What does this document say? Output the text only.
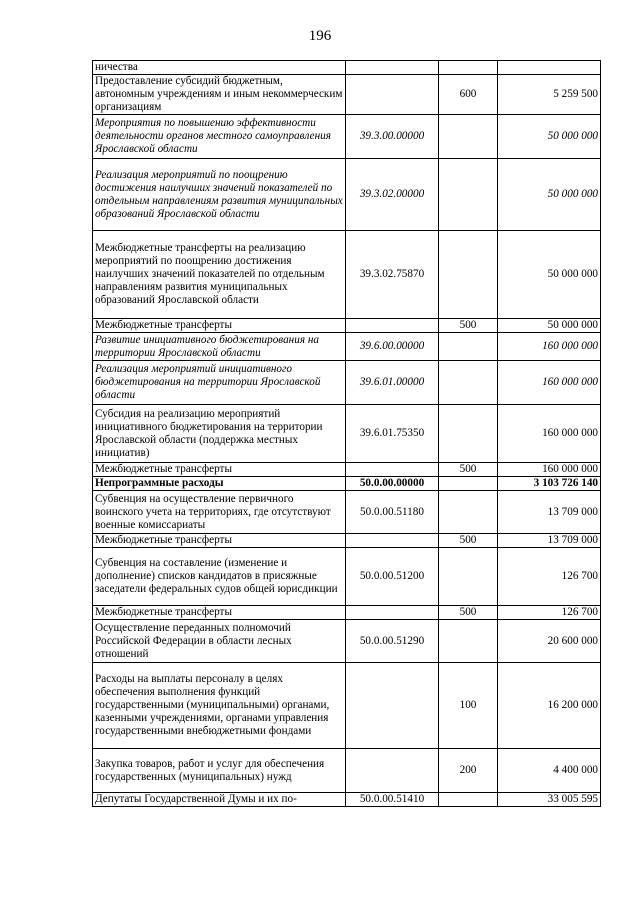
196
ничества			
Предоставление субсидий бюджетным, автономным учреждениям и иным некоммерческим организациям		600	5 259 500
Мероприятия по повышению эффективности деятельности органов местного самоуправления Ярославской области	39.3.00.00000		50 000 000
Реализация мероприятий по поощрению достижения наилучших значений показателей по отдельным направлениям развития муниципальных образований Ярославской области	39.3.02.00000		50 000 000
Межбюджетные трансферты на реализацию мероприятий по поощрению достижения наилучших значений показателей по отдельным направлениям развития муниципальных образований Ярославской области	39.3.02.75870		50 000 000
Межбюджетные трансферты		500	50 000 000
Развитие инициативного бюджетирования на территории Ярославской области	39.6.00.00000		160 000 000
Реализация мероприятий инициативного бюджетирования на территории Ярославской области	39.6.01.00000		160 000 000
Субсидия на реализацию мероприятий инициативного бюджетирования на территории Ярославской области (поддержка местных инициатив)	39.6.01.75350		160 000 000
Межбюджетные трансферты		500	160 000 000
Непрограммные расходы	50.0.00.00000		3 103 726 140
Субвенция на осуществление первичного воинского учета на территориях, где отсутствуют военные комиссариаты	50.0.00.51180		13 709 000
Межбюджетные трансферты		500	13 709 000
Субвенция на составление (изменение и дополнение) списков кандидатов в присяжные заседатели федеральных судов общей юрисдикции	50.0.00.51200		126 700
Межбюджетные трансферты		500	126 700
Осуществление переданных полномочий Российской Федерации в области лесных отношений	50.0.00.51290		20 600 000
Расходы на выплаты персоналу в целях обеспечения выполнения функций государственными (муниципальными) органами, казенными учреждениями, органами управления государственными внебюджетными фондами		100	16 200 000
Закупка товаров, работ и услуг для обеспечения государственных (муниципальных) нужд		200	4 400 000
Депутаты Государственной Думы и их по-	50.0.00.51410		33 005 595
